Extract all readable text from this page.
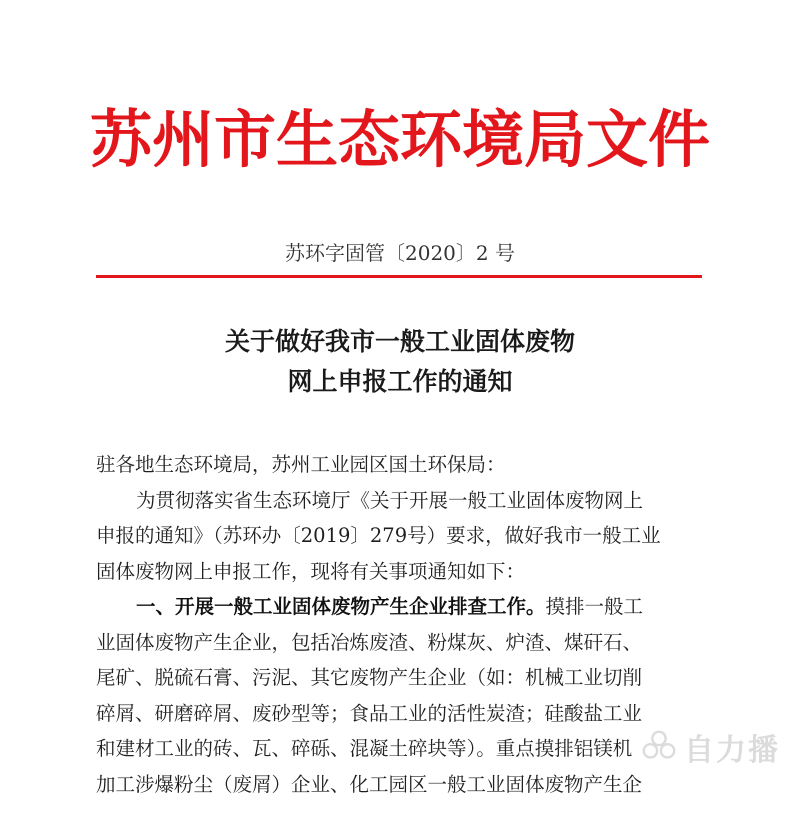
苏州市生态环境局文件
苏环字固管〔2020〕2 号
关于做好我市一般工业固体废物
网上申报工作的通知
驻各地生态环境局，苏州工业园区国土环保局：
为贯彻落实省生态环境厅《关于开展一般工业固体废物网上
申报的通知》（苏环办〔2019〕279号）要求，做好我市一般工业
固体废物网上申报工作，现将有关事项通知如下：
一、开展一般工业固体废物产生企业排查工作。摸排一般工
业固体废物产生企业，包括冶炼废渣、粉煤灰、炉渣、煤矸石、
尾矿、脱硫石膏、污泥、其它废物产生企业（如：机械工业切削
碎屑、研磨碎屑、废砂型等；食品工业的活性炭渣；硅酸盐工业
和建材工业的砖、瓦、碎砾、混凝土碎块等）。重点摸排铝镁机
加工涉爆粉尘（废屑）企业、化工园区一般工业固体废物产生企
自力播
